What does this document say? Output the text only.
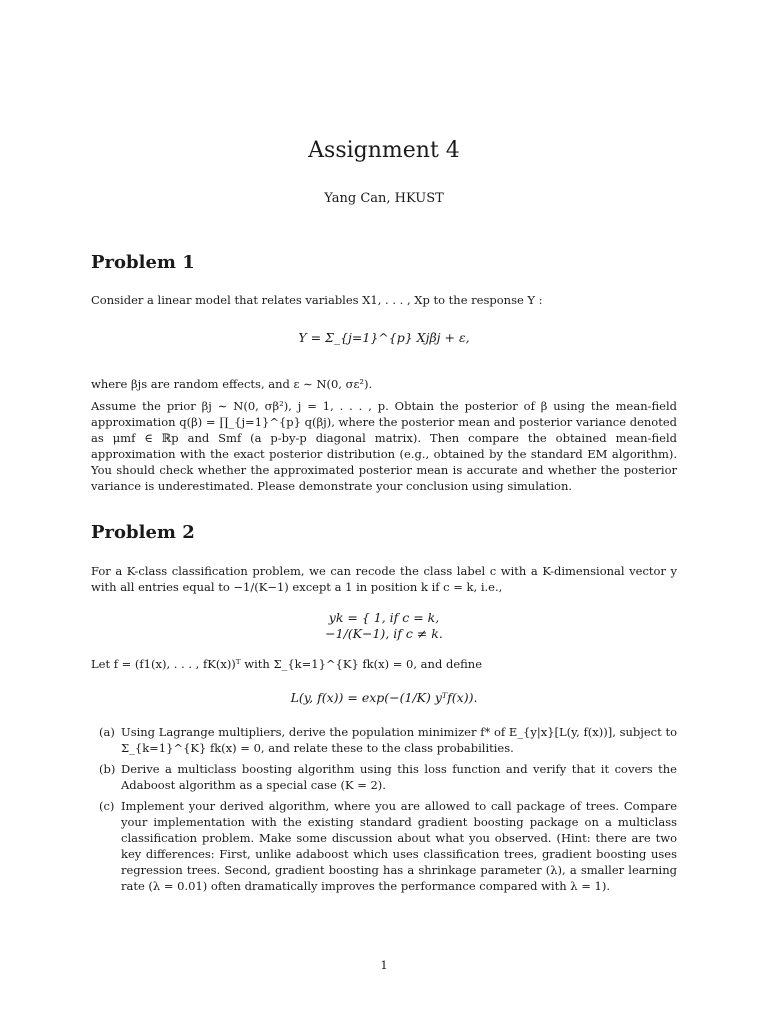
Assignment 4
Yang Can, HKUST
Problem 1

Consider a linear model that relates variables X1, . . . , Xp to the response Y :

Y = Σ_{j=1}^{p} Xjβj + ε,

where βjs are random effects, and ε ∼ N(0, σε²).

Assume the prior βj ∼ N(0, σβ²), j = 1, . . . , p. Obtain the posterior of β using the mean-field approximation q(β) = ∏_{j=1}^{p} q(βj), where the posterior mean and posterior variance denoted as μmf ∈ ℝp and Smf (a p-by-p diagonal matrix). Then compare the obtained mean-field approximation with the exact posterior distribution (e.g., obtained by the standard EM algorithm). You should check whether the approximated posterior mean is accurate and whether the posterior variance is underestimated. Please demonstrate your conclusion using simulation.

Problem 2

For a K-class classification problem, we can recode the class label c with a K-dimensional vector y with all entries equal to −1/(K−1) except a 1 in position k if c = k, i.e.,

yk = { 1, if c = k,
−1/(K−1), if c ≠ k.

Let f = (f1(x), . . . , fK(x))ᵀ with Σ_{k=1}^{K} fk(x) = 0, and define

L(y, f(x)) = exp(−(1/K) yᵀf(x)).
(a) Using Lagrange multipliers, derive the population minimizer f* of E_{y|x}[L(y, f(x))], subject to Σ_{k=1}^{K} fk(x) = 0, and relate these to the class probabilities.
(b) Derive a multiclass boosting algorithm using this loss function and verify that it covers the Adaboost algorithm as a special case (K = 2).
(c) Implement your derived algorithm, where you are allowed to call package of trees. Compare your implementation with the existing standard gradient boosting package on a multiclass classification problem. Make some discussion about what you observed. (Hint: there are two key differences: First, unlike adaboost which uses classification trees, gradient boosting uses regression trees. Second, gradient boosting has a shrinkage parameter (λ), a smaller learning rate (λ = 0.01) often dramatically improves the performance compared with λ = 1).
1
